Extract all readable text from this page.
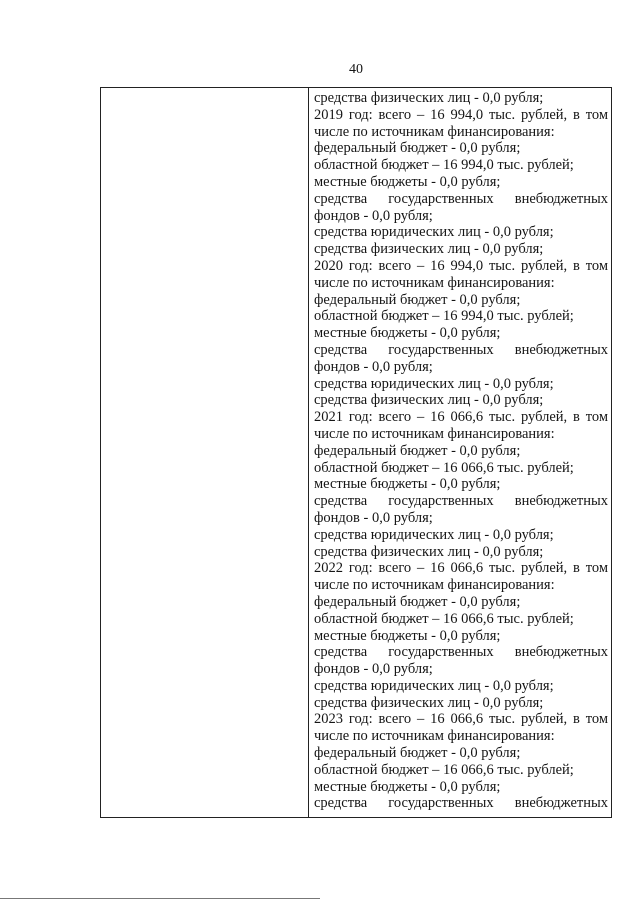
40
средства физических лиц - 0,0 рубля;
2019 год: всего – 16 994,0 тыс. рублей, в том
числе по источникам финансирования:
федеральный бюджет - 0,0 рубля;
областной бюджет – 16 994,0 тыс. рублей;
местные бюджеты - 0,0 рубля;
средства государственных внебюджетных
фондов - 0,0 рубля;
средства юридических лиц - 0,0 рубля;
средства физических лиц - 0,0 рубля;
2020 год: всего – 16 994,0 тыс. рублей, в том
числе по источникам финансирования:
федеральный бюджет - 0,0 рубля;
областной бюджет – 16 994,0 тыс. рублей;
местные бюджеты - 0,0 рубля;
средства государственных внебюджетных
фондов - 0,0 рубля;
средства юридических лиц - 0,0 рубля;
средства физических лиц - 0,0 рубля;
2021 год: всего – 16 066,6 тыс. рублей, в том
числе по источникам финансирования:
федеральный бюджет - 0,0 рубля;
областной бюджет – 16 066,6 тыс. рублей;
местные бюджеты - 0,0 рубля;
средства государственных внебюджетных
фондов - 0,0 рубля;
средства юридических лиц - 0,0 рубля;
средства физических лиц - 0,0 рубля;
2022 год: всего – 16 066,6 тыс. рублей, в том
числе по источникам финансирования:
федеральный бюджет - 0,0 рубля;
областной бюджет – 16 066,6 тыс. рублей;
местные бюджеты - 0,0 рубля;
средства государственных внебюджетных
фондов - 0,0 рубля;
средства юридических лиц - 0,0 рубля;
средства физических лиц - 0,0 рубля;
2023 год: всего – 16 066,6 тыс. рублей, в том
числе по источникам финансирования:
федеральный бюджет - 0,0 рубля;
областной бюджет – 16 066,6 тыс. рублей;
местные бюджеты - 0,0 рубля;
средства государственных внебюджетных
